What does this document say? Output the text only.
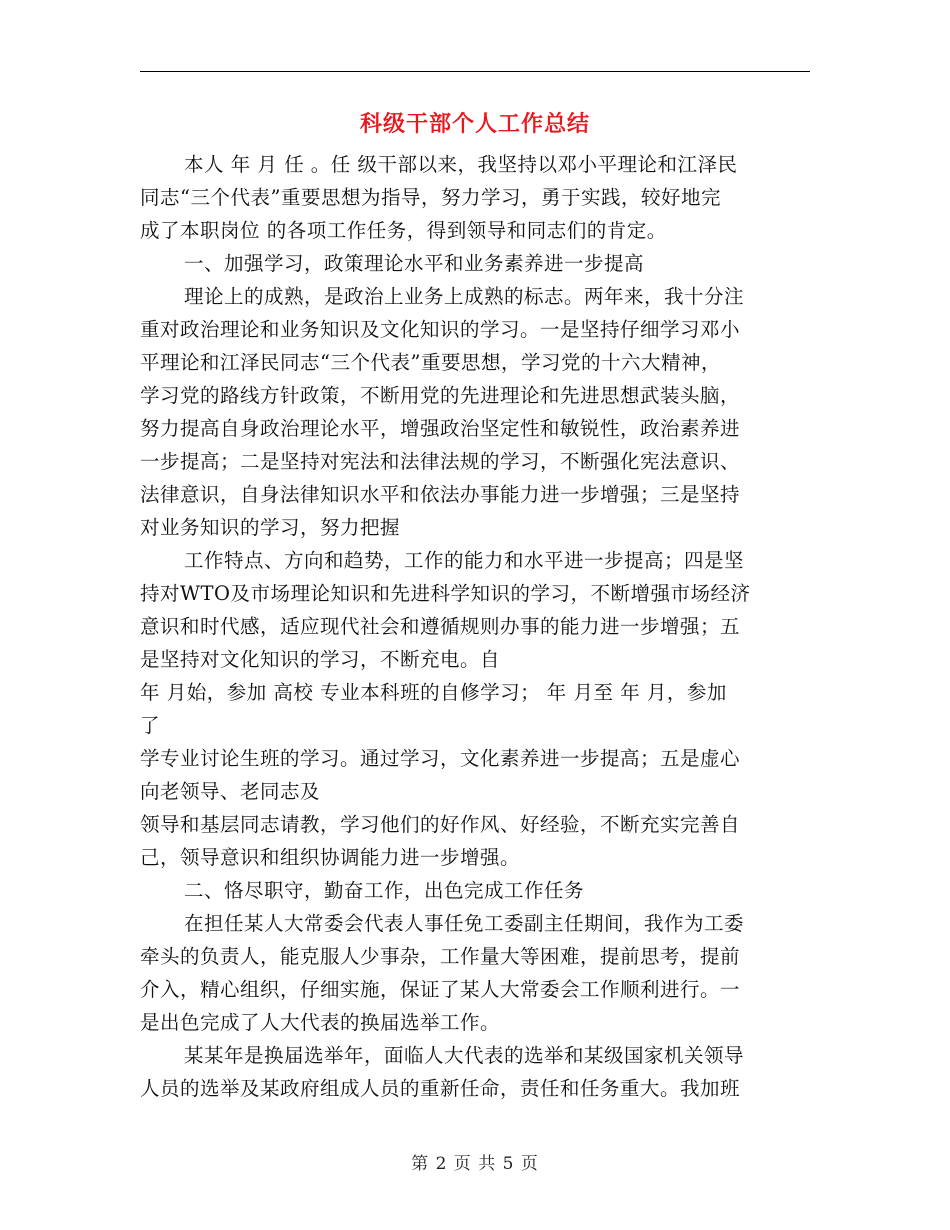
科级干部个人工作总结
本人 年 月 任 。任 级干部以来，我坚持以邓小平理论和江泽民
同志“三个代表”重要思想为指导，努力学习，勇于实践，较好地完
成了本职岗位 的各项工作任务，得到领导和同志们的肯定。
一、加强学习，政策理论水平和业务素养进一步提高
理论上的成熟，是政治上业务上成熟的标志。两年来，我十分注
重对政治理论和业务知识及文化知识的学习。一是坚持仔细学习邓小
平理论和江泽民同志“三个代表”重要思想，学习党的十六大精神，
学习党的路线方针政策，不断用党的先进理论和先进思想武装头脑，
努力提高自身政治理论水平，增强政治坚定性和敏锐性，政治素养进
一步提高；二是坚持对宪法和法律法规的学习，不断强化宪法意识、
法律意识，自身法律知识水平和依法办事能力进一步增强；三是坚持
对业务知识的学习，努力把握
工作特点、方向和趋势，工作的能力和水平进一步提高；四是坚
持对WTO及市场理论知识和先进科学知识的学习，不断增强市场经济
意识和时代感，适应现代社会和遵循规则办事的能力进一步增强；五
是坚持对文化知识的学习，不断充电。自
年 月始，参加 高校 专业本科班的自修学习； 年 月至 年 月，参加
了
学专业讨论生班的学习。通过学习，文化素养进一步提高；五是虚心
向老领导、老同志及
领导和基层同志请教，学习他们的好作风、好经验，不断充实完善自
己，领导意识和组织协调能力进一步增强。
二、恪尽职守，勤奋工作，出色完成工作任务
在担任某人大常委会代表人事任免工委副主任期间，我作为工委
牵头的负责人，能克服人少事杂，工作量大等困难，提前思考，提前
介入，精心组织，仔细实施，保证了某人大常委会工作顺利进行。一
是出色完成了人大代表的换届选举工作。
某某年是换届选举年，面临人大代表的选举和某级国家机关领导
人员的选举及某政府组成人员的重新任命，责任和任务重大。我加班
第 2 页 共 5 页
